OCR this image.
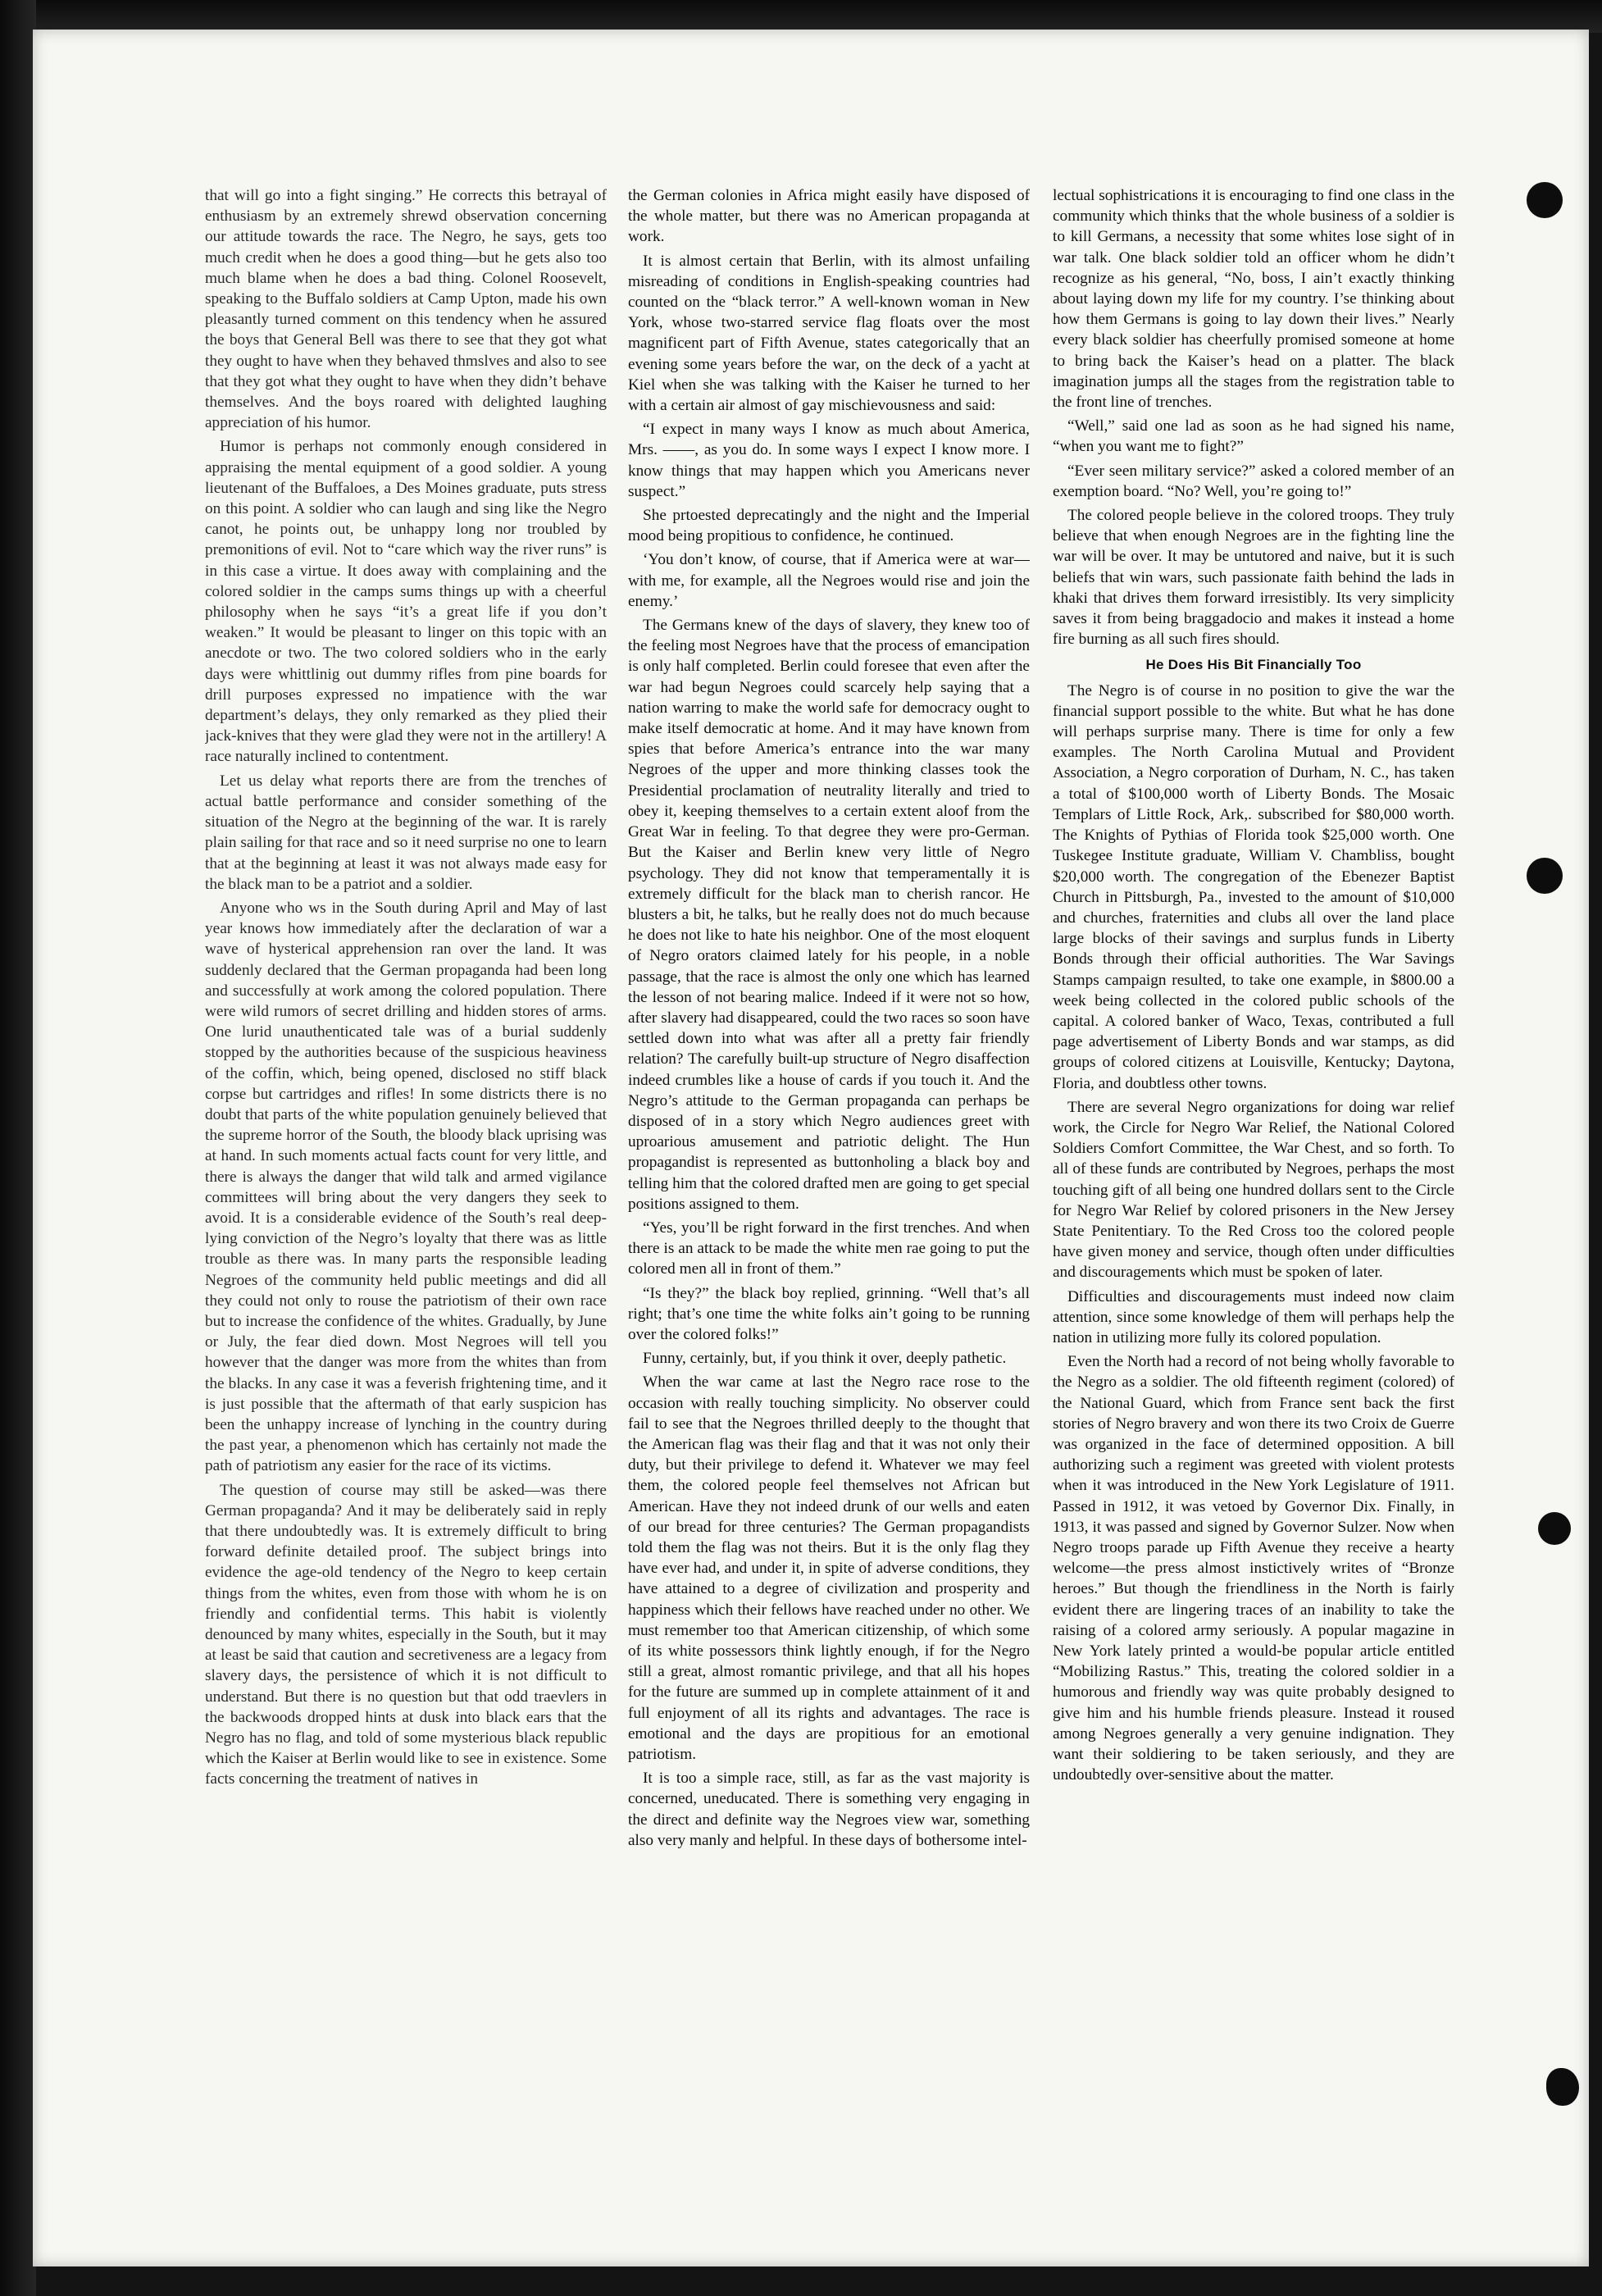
that will go into a fight singing.” He corrects this betrayal of enthusiasm by an extremely shrewd observation concerning our attitude towards the race. The Negro, he says, gets too much credit when he does a good thing—but he gets also too much blame when he does a bad thing. Colonel Roosevelt, speaking to the Buffalo soldiers at Camp Upton, made his own pleasantly turned comment on this tendency when he assured the boys that General Bell was there to see that they got what they ought to have when they behaved thmslves and also to see that they got what they ought to have when they didn’t behave themselves. And the boys roared with delighted laughing appreciation of his humor.

Humor is perhaps not commonly enough considered in appraising the mental equipment of a good soldier. A young lieutenant of the Buffaloes, a Des Moines graduate, puts stress on this point. A soldier who can laugh and sing like the Negro canot, he points out, be unhappy long nor troubled by premonitions of evil. Not to “care which way the river runs” is in this case a virtue. It does away with complaining and the colored soldier in the camps sums things up with a cheerful philosophy when he says “it’s a great life if you don’t weaken.” It would be pleasant to linger on this topic with an anecdote or two. The two colored soldiers who in the early days were whittlinig out dummy rifles from pine boards for drill purposes expressed no impatience with the war department’s delays, they only remarked as they plied their jack-knives that they were glad they were not in the artillery! A race naturally inclined to contentment.

Let us delay what reports there are from the trenches of actual battle performance and consider something of the situation of the Negro at the beginning of the war. It is rarely plain sailing for that race and so it need surprise no one to learn that at the beginning at least it was not always made easy for the black man to be a patriot and a soldier.

Anyone who ws in the South during April and May of last year knows how immediately after the declaration of war a wave of hysterical apprehension ran over the land. It was suddenly declared that the German propaganda had been long and successfully at work among the colored population. There were wild rumors of secret drilling and hidden stores of arms. One lurid unauthenticated tale was of a burial suddenly stopped by the authorities because of the suspicious heaviness of the coffin, which, being opened, disclosed no stiff black corpse but cartridges and rifles! In some districts there is no doubt that parts of the white population genuinely believed that the supreme horror of the South, the bloody black uprising was at hand. In such moments actual facts count for very little, and there is always the danger that wild talk and armed vigilance committees will bring about the very dangers they seek to avoid. It is a considerable evidence of the South’s real deep-lying conviction of the Negro’s loyalty that there was as little trouble as there was. In many parts the responsible leading Negroes of the community held public meetings and did all they could not only to rouse the patriotism of their own race but to increase the confidence of the whites. Gradually, by June or July, the fear died down. Most Negroes will tell you however that the danger was more from the whites than from the blacks. In any case it was a feverish frightening time, and it is just possible that the aftermath of that early suspicion has been the unhappy increase of lynching in the country during the past year, a phenomenon which has certainly not made the path of patriotism any easier for the race of its victims.

The question of course may still be asked—was there German propaganda? And it may be deliberately said in reply that there undoubtedly was. It is extremely difficult to bring forward definite detailed proof. The subject brings into evidence the age-old tendency of the Negro to keep certain things from the whites, even from those with whom he is on friendly and confidential terms. This habit is violently denounced by many whites, especially in the South, but it may at least be said that caution and secretiveness are a legacy from slavery days, the persistence of which it is not difficult to understand. But there is no question but that odd traevlers in the backwoods dropped hints at dusk into black ears that the Negro has no flag, and told of some mysterious black republic which the Kaiser at Berlin would like to see in existence. Some facts concerning the treatment of natives in

the German colonies in Africa might easily have disposed of the whole matter, but there was no American propaganda at work.

It is almost certain that Berlin, with its almost unfailing misreading of conditions in English-speaking countries had counted on the “black terror.” A well-known woman in New York, whose two-starred service flag floats over the most magnificent part of Fifth Avenue, states categorically that an evening some years before the war, on the deck of a yacht at Kiel when she was talking with the Kaiser he turned to her with a certain air almost of gay mischievousness and said:

“I expect in many ways I know as much about America, Mrs. ——, as you do. In some ways I expect I know more. I know things that may happen which you Americans never suspect.”

She prtoested deprecatingly and the night and the Imperial mood being propitious to confidence, he continued.

‘You don’t know, of course, that if America were at war—with me, for example, all the Negroes would rise and join the enemy.’

The Germans knew of the days of slavery, they knew too of the feeling most Negroes have that the process of emancipation is only half completed. Berlin could foresee that even after the war had begun Negroes could scarcely help saying that a nation warring to make the world safe for democracy ought to make itself democratic at home. And it may have known from spies that before America’s entrance into the war many Negroes of the upper and more thinking classes took the Presidential proclamation of neutrality literally and tried to obey it, keeping themselves to a certain extent aloof from the Great War in feeling. To that degree they were pro-German. But the Kaiser and Berlin knew very little of Negro psychology. They did not know that temperamentally it is extremely difficult for the black man to cherish rancor. He blusters a bit, he talks, but he really does not do much because he does not like to hate his neighbor. One of the most eloquent of Negro orators claimed lately for his people, in a noble passage, that the race is almost the only one which has learned the lesson of not bearing malice. Indeed if it were not so how, after slavery had disappeared, could the two races so soon have settled down into what was after all a pretty fair friendly relation? The carefully built-up structure of Negro disaffection indeed crumbles like a house of cards if you touch it. And the Negro’s attitude to the German propaganda can perhaps be disposed of in a story which Negro audiences greet with uproarious amusement and patriotic delight. The Hun propagandist is represented as buttonholing a black boy and telling him that the colored drafted men are going to get special positions assigned to them.

“Yes, you’ll be right forward in the first trenches. And when there is an attack to be made the white men rae going to put the colored men all in front of them.”

“Is they?” the black boy replied, grinning. “Well that’s all right; that’s one time the white folks ain’t going to be running over the colored folks!”

Funny, certainly, but, if you think it over, deeply pathetic.

When the war came at last the Negro race rose to the occasion with really touching simplicity. No observer could fail to see that the Negroes thrilled deeply to the thought that the American flag was their flag and that it was not only their duty, but their privilege to defend it. Whatever we may feel them, the colored people feel themselves not African but American. Have they not indeed drunk of our wells and eaten of our bread for three centuries? The German propagandists told them the flag was not theirs. But it is the only flag they have ever had, and under it, in spite of adverse conditions, they have attained to a degree of civilization and prosperity and happiness which their fellows have reached under no other. We must remember too that American citizenship, of which some of its white possessors think lightly enough, if for the Negro still a great, almost romantic privilege, and that all his hopes for the future are summed up in complete attainment of it and full enjoyment of all its rights and advantages. The race is emotional and the days are propitious for an emotional patriotism.

It is too a simple race, still, as far as the vast majority is concerned, uneducated. There is something very engaging in the direct and definite way the Negroes view war, something also very manly and helpful. In these days of bothersome intel-

lectual sophistrications it is encouraging to find one class in the community which thinks that the whole business of a soldier is to kill Germans, a necessity that some whites lose sight of in war talk. One black soldier told an officer whom he didn’t recognize as his general, “No, boss, I ain’t exactly thinking about laying down my life for my country. I’se thinking about how them Germans is going to lay down their lives.” Nearly every black soldier has cheerfully promised someone at home to bring back the Kaiser’s head on a platter. The black imagination jumps all the stages from the registration table to the front line of trenches.

“Well,” said one lad as soon as he had signed his name, “when you want me to fight?”

“Ever seen military service?” asked a colored member of an exemption board. “No? Well, you’re going to!”

The colored people believe in the colored troops. They truly believe that when enough Negroes are in the fighting line the war will be over. It may be untutored and naive, but it is such beliefs that win wars, such passionate faith behind the lads in khaki that drives them forward irresistibly. Its very simplicity saves it from being braggadocio and makes it instead a home fire burning as all such fires should.

He Does His Bit Financially Too

The Negro is of course in no position to give the war the financial support possible to the white. But what he has done will perhaps surprise many. There is time for only a few examples. The North Carolina Mutual and Provident Association, a Negro corporation of Durham, N. C., has taken a total of $100,000 worth of Liberty Bonds. The Mosaic Templars of Little Rock, Ark,. subscribed for $80,000 worth. The Knights of Pythias of Florida took $25,000 worth. One Tuskegee Institute graduate, William V. Chambliss, bought $20,000 worth. The congregation of the Ebenezer Baptist Church in Pittsburgh, Pa., invested to the amount of $10,000 and churches, fraternities and clubs all over the land place large blocks of their savings and surplus funds in Liberty Bonds through their official authorities. The War Savings Stamps campaign resulted, to take one example, in $800.00 a week being collected in the colored public schools of the capital. A colored banker of Waco, Texas, contributed a full page advertisement of Liberty Bonds and war stamps, as did groups of colored citizens at Louisville, Kentucky; Daytona, Floria, and doubtless other towns.

There are several Negro organizations for doing war relief work, the Circle for Negro War Relief, the National Colored Soldiers Comfort Committee, the War Chest, and so forth. To all of these funds are contributed by Negroes, perhaps the most touching gift of all being one hundred dollars sent to the Circle for Negro War Relief by colored prisoners in the New Jersey State Penitentiary. To the Red Cross too the colored people have given money and service, though often under difficulties and discouragements which must be spoken of later.

Difficulties and discouragements must indeed now claim attention, since some knowledge of them will perhaps help the nation in utilizing more fully its colored population.

Even the North had a record of not being wholly favorable to the Negro as a soldier. The old fifteenth regiment (colored) of the National Guard, which from France sent back the first stories of Negro bravery and won there its two Croix de Guerre was organized in the face of determined opposition. A bill authorizing such a regiment was greeted with violent protests when it was introduced in the New York Legislature of 1911. Passed in 1912, it was vetoed by Governor Dix. Finally, in 1913, it was passed and signed by Governor Sulzer. Now when Negro troops parade up Fifth Avenue they receive a hearty welcome—the press almost instictively writes of “Bronze heroes.” But though the friendliness in the North is fairly evident there are lingering traces of an inability to take the raising of a colored army seriously. A popular magazine in New York lately printed a would-be popular article entitled “Mobilizing Rastus.” This, treating the colored soldier in a humorous and friendly way was quite probably designed to give him and his humble friends pleasure. Instead it roused among Negroes generally a very genuine indignation. They want their soldiering to be taken seriously, and they are undoubtedly over-sensitive about the matter.
